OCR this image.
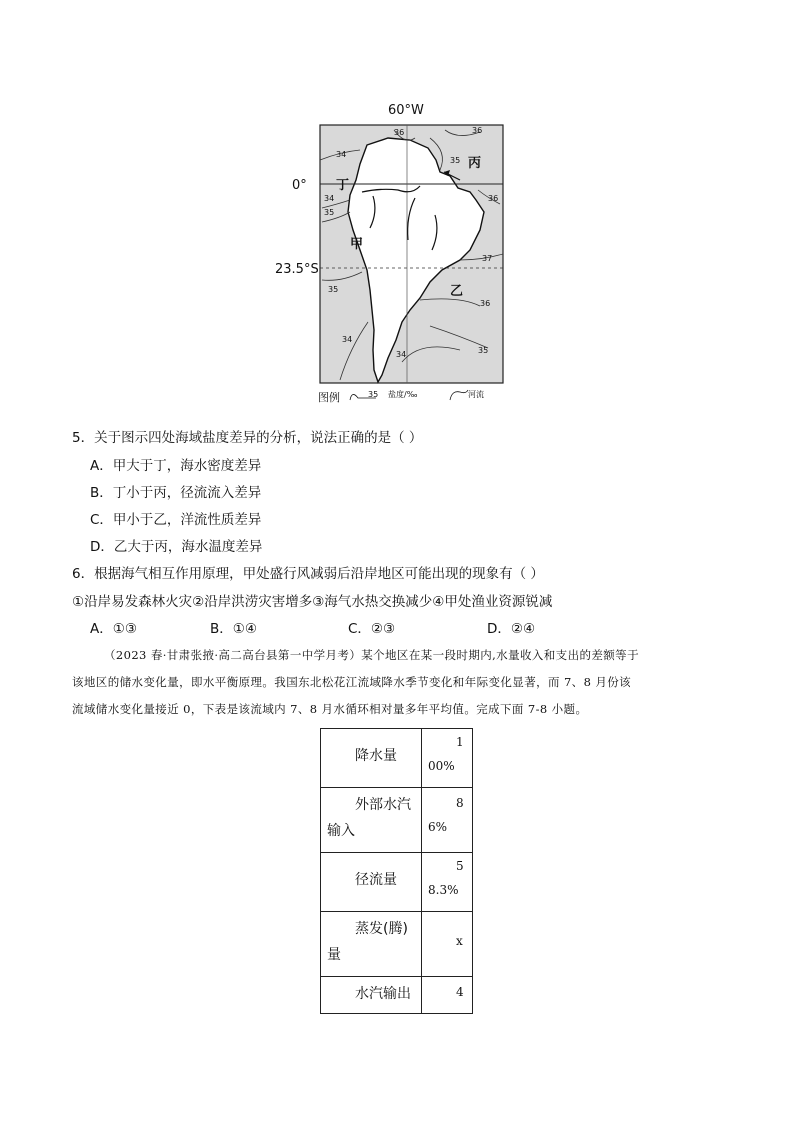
60°W
0°
23.5°S
甲
乙
丙
丁
36	36
35
34
34
35
36
37
35
36
35
34
34
图例	35 盐度/‰	河流
5．关于图示四处海域盐度差异的分析，说法正确的是（ ）
A．甲大于丁，海水密度差异
B．丁小于丙，径流流入差异
C．甲小于乙，洋流性质差异
D．乙大于丙，海水温度差异
6．根据海气相互作用原理，甲处盛行风减弱后沿岸地区可能出现的现象有（ ）
①沿岸易发森林火灾②沿岸洪涝灾害增多③海气水热交换减少④甲处渔业资源锐减
A．①③	B．①④	C．②③	D．②④
（2023 春·甘肃张掖·高二高台县第一中学月考）某个地区在某一段时期内,水量收入和支出的差额等于
该地区的储水变化量，即水平衡原理。我国东北松花江流域降水季节变化和年际变化显著，而 7、8 月份该
流域储水变化量接近 0，下表是该流域内 7、8 月水循环相对量多年平均值。完成下面 7-8 小题。
降水量	1
00%

外部水汽
输入	8
6%

径流量	5
8.3%

蒸发(腾)
量	x

水汽输出	4
